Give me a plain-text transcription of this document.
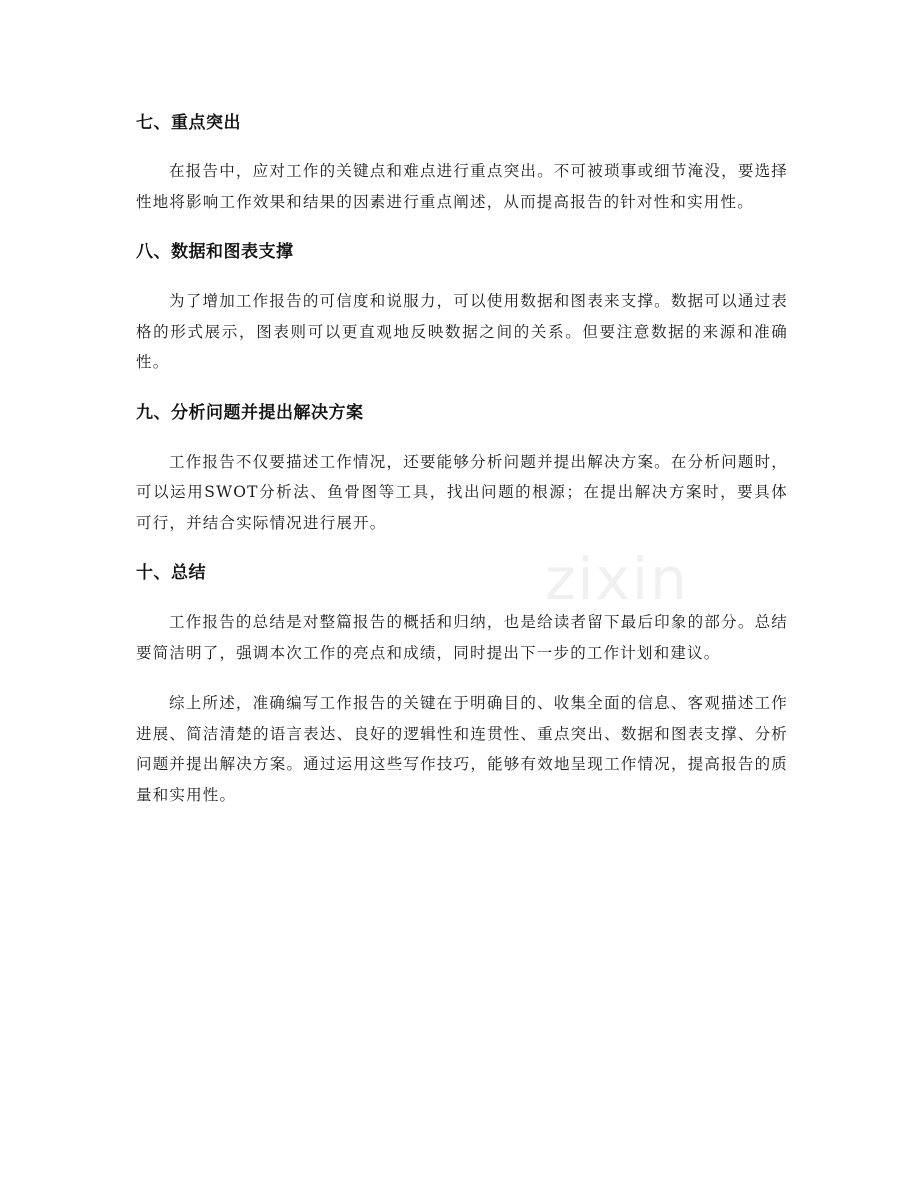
七、重点突出

在报告中，应对工作的关键点和难点进行重点突出。不可被琐事或细节淹没，要选择性地将影响工作效果和结果的因素进行重点阐述，从而提高报告的针对性和实用性。

八、数据和图表支撑

为了增加工作报告的可信度和说服力，可以使用数据和图表来支撑。数据可以通过表格的形式展示，图表则可以更直观地反映数据之间的关系。但要注意数据的来源和准确性。

九、分析问题并提出解决方案

工作报告不仅要描述工作情况，还要能够分析问题并提出解决方案。在分析问题时，可以运用SWOT分析法、鱼骨图等工具，找出问题的根源；在提出解决方案时，要具体可行，并结合实际情况进行展开。

十、总结

工作报告的总结是对整篇报告的概括和归纳，也是给读者留下最后印象的部分。总结要简洁明了，强调本次工作的亮点和成绩，同时提出下一步的工作计划和建议。

综上所述，准确编写工作报告的关键在于明确目的、收集全面的信息、客观描述工作进展、简洁清楚的语言表达、良好的逻辑性和连贯性、重点突出、数据和图表支撑、分析问题并提出解决方案。通过运用这些写作技巧，能够有效地呈现工作情况，提高报告的质量和实用性。

zixin
